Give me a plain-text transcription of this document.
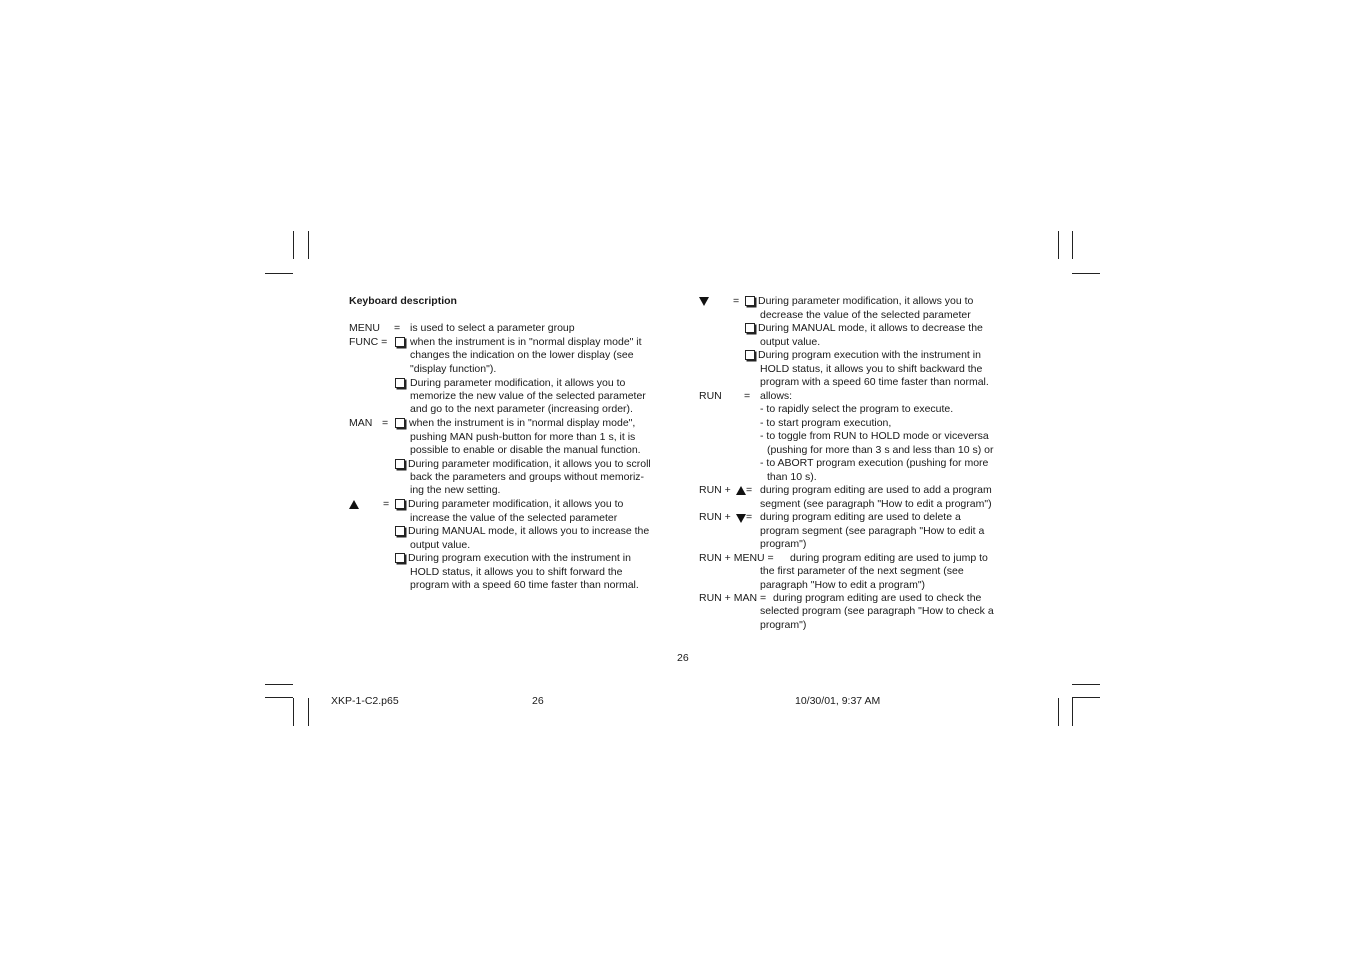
Keyboard description
MENU = is used to select a parameter group
FUNC = when the instrument is in "normal display mode" it
changes the indication on the lower display (see
"display function").
During parameter modification, it allows you to
memorize the new value of the selected parameter
and go to the next parameter (increasing order).
MAN = when the instrument is in "normal display mode",
pushing MAN push-button for more than 1 s, it is
possible to enable or disable the manual function.
During parameter modification, it allows you to scroll
back the parameters and groups without memoriz-
ing the new setting.
= During parameter modification, it allows you to
increase the value of the selected parameter
During MANUAL mode, it allows you to increase the
output value.
During program execution with the instrument in
HOLD status, it allows you to shift forward the
program with a speed 60 time faster than normal.
= During parameter modification, it allows you to
decrease the value of the selected parameter
During MANUAL mode, it allows to decrease the
output value.
During program execution with the instrument in
HOLD status, it allows you to shift backward the
program with a speed 60 time faster than normal.
RUN = allows:
- to rapidly select the program to execute.
- to start program execution,
- to toggle from RUN to HOLD mode or viceversa
(pushing for more than 3 s and less than 10 s) or
- to ABORT program execution (pushing for more
than 10 s).
RUN + = during program editing are used to add a program
segment (see paragraph "How to edit a program")
RUN + = during program editing are used to delete a
program segment (see paragraph "How to edit a
program")
RUN + MENU = during program editing are used to jump to
the first parameter of the next segment (see
paragraph "How to edit a program")
RUN + MAN = during program editing are used to check the
selected program (see paragraph "How to check a
program")
26
XKP-1-C2.p65	26	10/30/01, 9:37 AM
